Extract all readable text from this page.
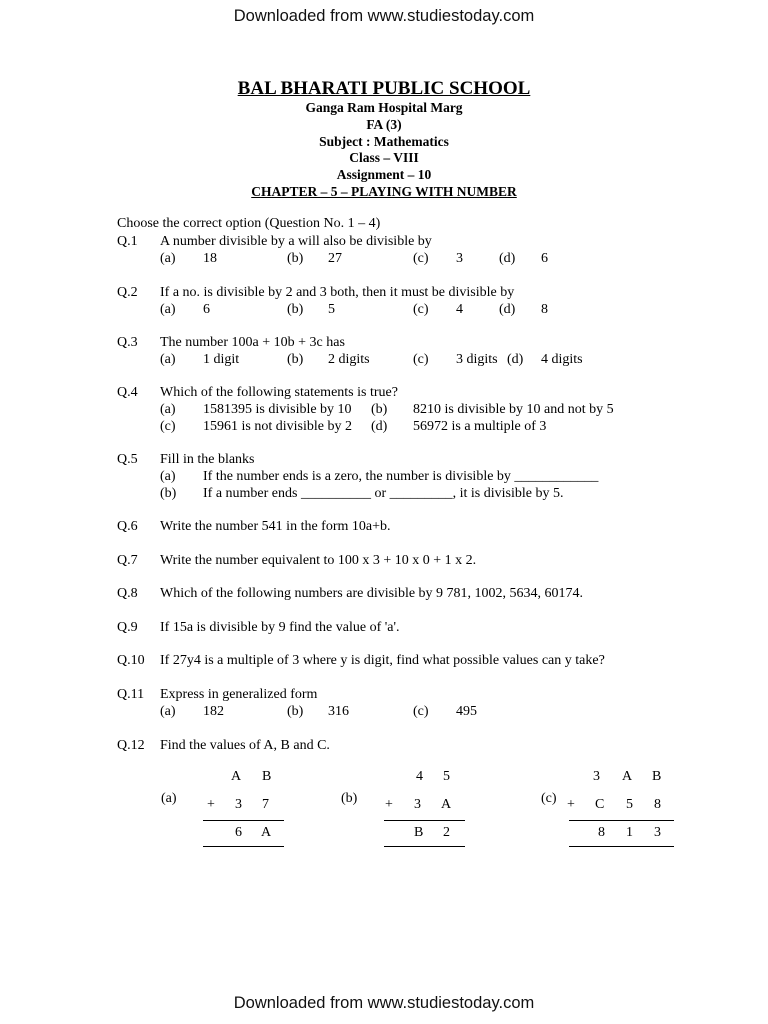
Downloaded from www.studiestoday.com
BAL BHARATI PUBLIC SCHOOL
Ganga Ram Hospital Marg
FA (3)
Subject : Mathematics
Class – VIII
Assignment – 10
CHAPTER – 5 – PLAYING WITH NUMBER
Choose the correct option (Question No. 1 – 4)
Q.1 A number divisible by a will also be divisible by
(a) 18	(b) 27	(c) 3	(d) 6
Q.2 If a no. is divisible by 2 and 3 both, then it must be divisible by
(a) 6	(b) 5	(c) 4	(d) 8
Q.3 The number 100a + 10b + 3c has
(a) 1 digit	(b) 2 digits	(c) 3 digits (d) 4 digits
Q.4 Which of the following statements is true?
(a) 1581395 is divisible by 10 (b) 8210 is divisible by 10 and not by 5
(c) 15961 is not divisible by 2 (d) 56972 is a multiple of 3
Q.5 Fill in the blanks
(a) If the number ends is a zero, the number is divisible by ____________
(b) If a number ends __________ or _________, it is divisible by 5.
Q.6 Write the number 541 in the form 10a+b.
Q.7 Write the number equivalent to 100 x 3 + 10 x 0 + 1 x 2.
Q.8 Which of the following numbers are divisible by 9 781, 1002, 5634, 60174.
Q.9 If 15a is divisible by 9 find the value of 'a'.
Q.10 If 27y4 is a multiple of 3 where y is digit, find what possible values can y take?
Q.11 Express in generalized form
(a) 182	(b) 316	(c) 495
Q.12 Find the values of A, B and C.
(a)
A B
+ 3 7
6 A
(b)
4 5
+ 3 A
B 2
(c)
3 A B
+ C 5 8
8 1 3
Downloaded from www.studiestoday.com
